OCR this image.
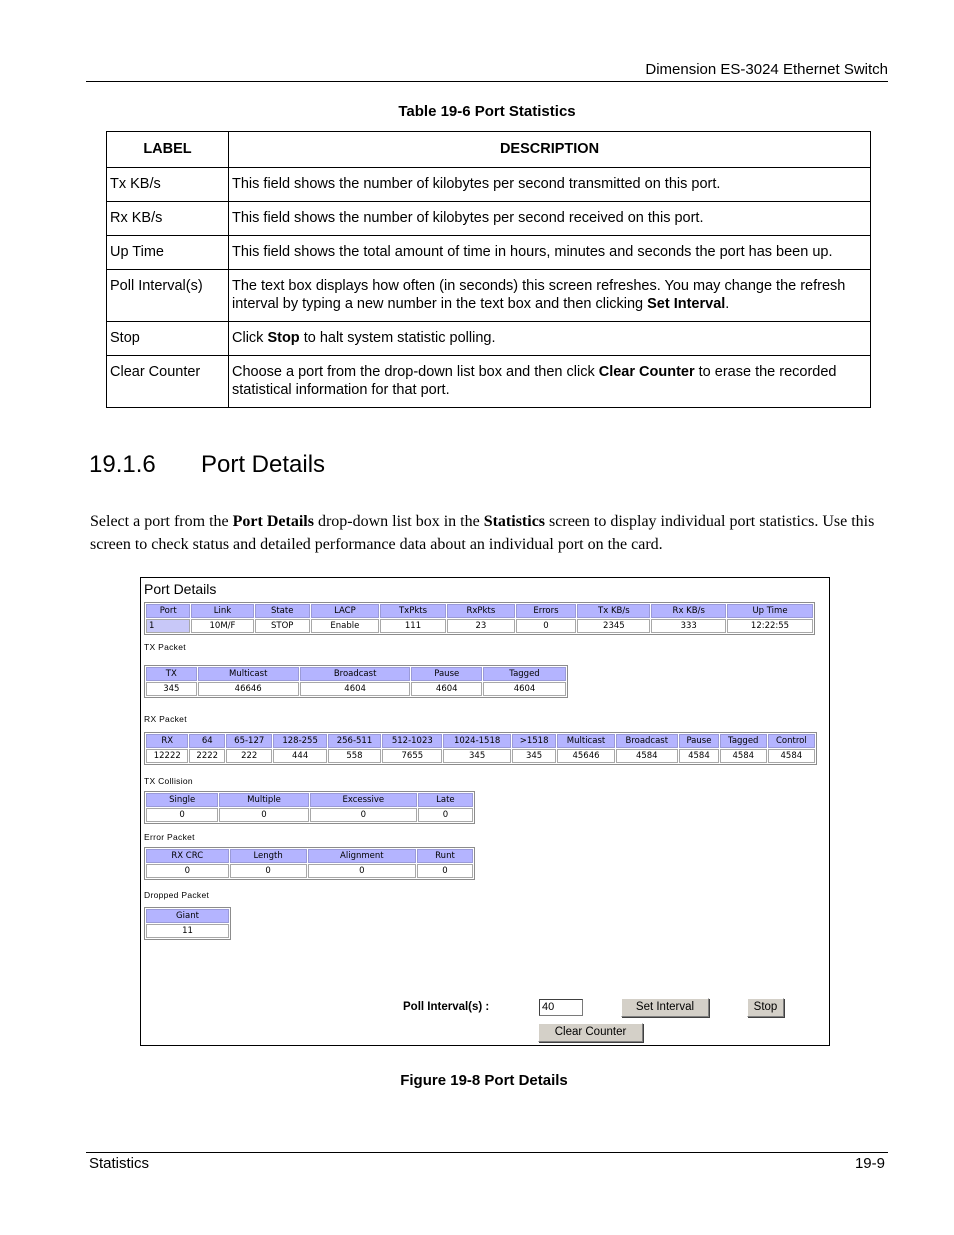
Dimension ES-3024 Ethernet Switch
Table 19-6 Port Statistics
LABEL	DESCRIPTION
Tx KB/s	This field shows the number of kilobytes per second transmitted on this port.
Rx KB/s	This field shows the number of kilobytes per second received on this port.
Up Time	This field shows the total amount of time in hours, minutes and seconds the port has been up.
Poll Interval(s)	The text box displays how often (in seconds) this screen refreshes. You may change the refresh interval by typing a new number in the text box and then clicking Set Interval.
Stop	Click Stop to halt system statistic polling.
Clear Counter	Choose a port from the drop-down list box and then click Clear Counter to erase the recorded statistical information for that port.
19.1.6 Port Details
Select a port from the Port Details drop-down list box in the Statistics screen to display individual port statistics. Use this screen to check status and detailed performance data about an individual port on the card.
Port Details
Port	Link	State	LACP	TxPkts	RxPkts	Errors	Tx KB/s	Rx KB/s	Up Time
1	10M/F	STOP	Enable	111	23	0	2345	333	12:22:55
TX Packet
TX	Multicast	Broadcast	Pause	Tagged
345	46646	4604	4604	4604
RX Packet
RX	64	65-127	128-255	256-511	512-1023	1024-1518	>1518	Multicast	Broadcast	Pause	Tagged	Control
12222	2222	222	444	558	7655	345	345	45646	4584	4584	4584	4584
TX Collision
Single	Multiple	Excessive	Late
0	0	0	0
Error Packet
RX CRC	Length	Alignment	Runt
0	0	0	0
Dropped Packet
Giant
11
Poll Interval(s) :	40	Set Interval	Stop
Clear Counter
Figure 19-8 Port Details
Statistics	19-9
